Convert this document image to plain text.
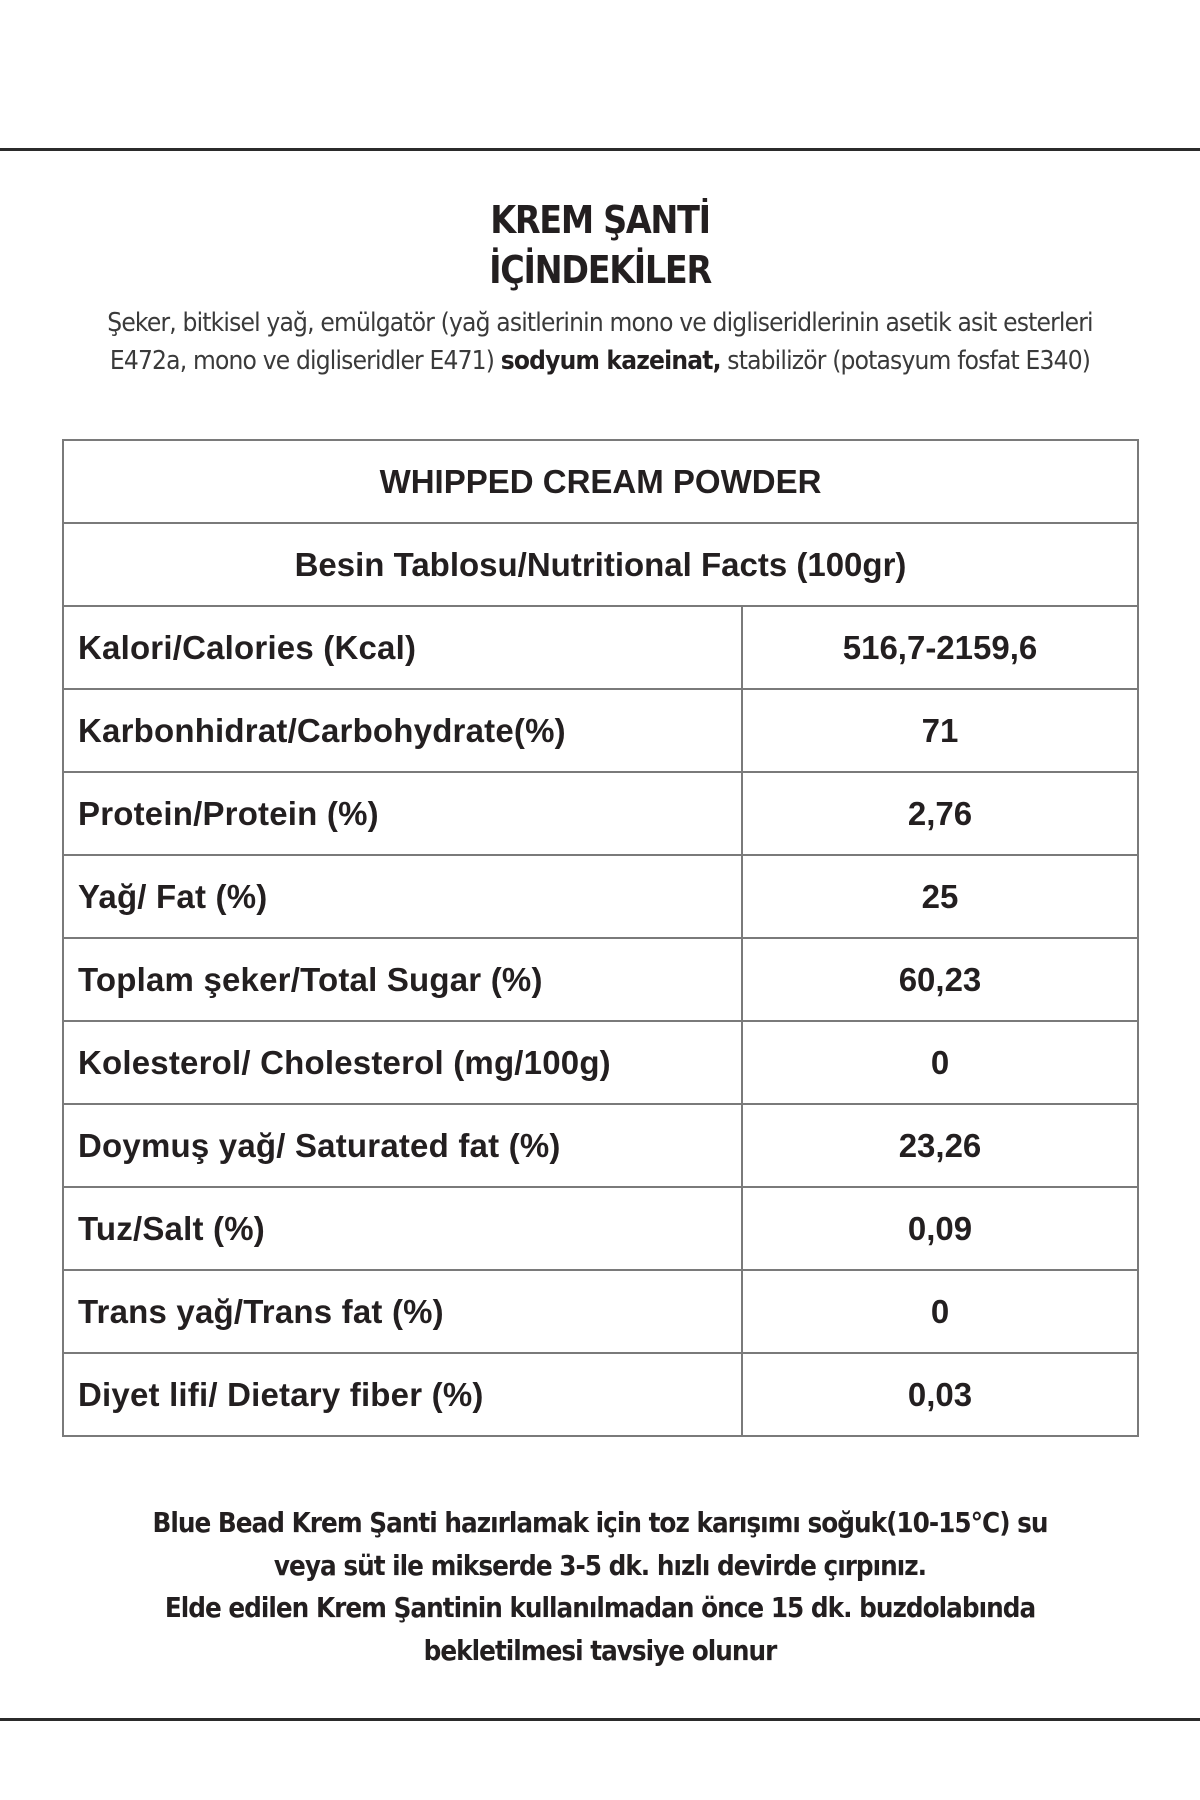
KREM ŞANTİ
İÇİNDEKİLER
Şeker, bitkisel yağ, emülgatör (yağ asitlerinin mono ve digliseridlerinin asetik asit esterleri E472a, mono ve digliseridler E471) sodyum kazeinat, stabilizör (potasyum fosfat E340)
WHIPPED CREAM POWDER	
Besin Tablosu/Nutritional Facts (100gr)	
Kalori/Calories (Kcal)	516,7-2159,6
Karbonhidrat/Carbohydrate(%)	71
Protein/Protein (%)	2,76
Yağ/ Fat (%)	25
Toplam şeker/Total Sugar (%)	60,23
Kolesterol/ Cholesterol (mg/100g)	0
Doymuş yağ/ Saturated fat (%)	23,26
Tuz/Salt (%)	0,09
Trans yağ/Trans fat (%)	0
Diyet lifi/ Dietary fiber (%)	0,03

Blue Bead Krem Şanti hazırlamak için toz karışımı soğuk(10-15°C) su

veya süt ile mikserde 3-5 dk. hızlı devirde çırpınız.

Elde edilen Krem Şantinin kullanılmadan önce 15 dk. buzdolabında

bekletilmesi tavsiye olunur
